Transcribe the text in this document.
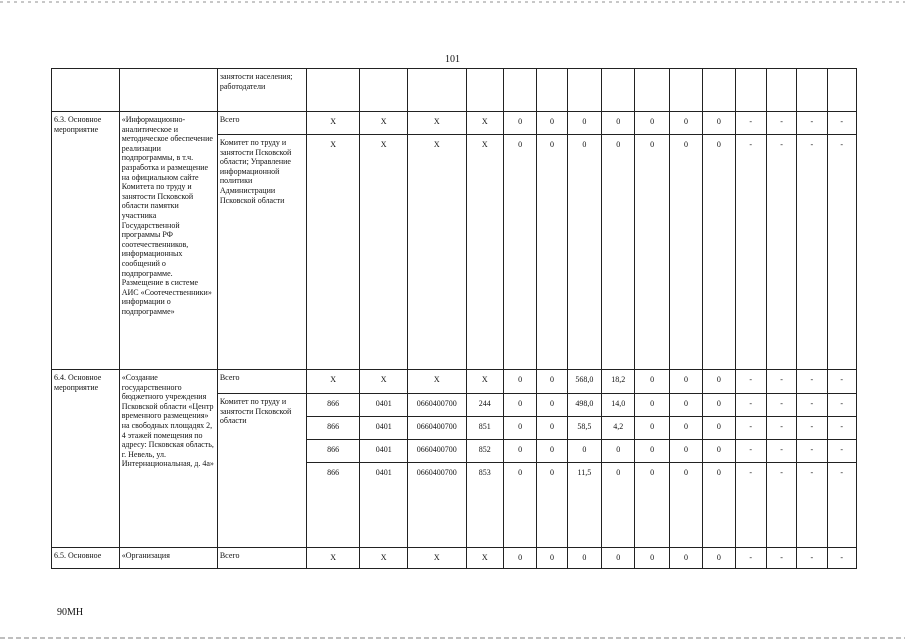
101
		занятости населения; работодатели															
6.3. Основное мероприятие	«Информационно-аналитическое и методическое обеспечение реализации подпрограммы, в т.ч. разработка и размещение на официальном сайте Комитета по труду и занятости Псковской области памятки участника Государственной программы РФ соотечественников, информационных сообщений о подпрограмме. Размещение в системе АИС «Соотечественники» информации о подпрограмме»	Всего	X	X	X	X	0	0	0	0	0	0	0	-	-	-	-
		Комитет по труду и занятости Псковской области; Управление информационной политики Администрации Псковской области	X	X	X	X	0	0	0	0	0	0	0	-	-	-	-
6.4. Основное мероприятие	«Создание государственного бюджетного учреждения Псковской области «Центр временного размещения» на свободных площадях 2, 4 этажей помещения по адресу: Псковская область, г. Невель, ул. Интернациональная, д. 4а»	Всего	X	X	X	X	0	0	568,0	18,2	0	0	0	-	-	-	-
		Комитет по труду и занятости Псковской области	866	0401	0660400700	244	0	0	498,0	14,0	0	0	0	-	-	-	-
			866	0401	0660400700	851	0	0	58,5	4,2	0	0	0	-	-	-	-
			866	0401	0660400700	852	0	0	0	0	0	0	0	-	-	-	-
			866	0401	0660400700	853	0	0	11,5	0	0	0	0	-	-	-	-
6.5. Основное	«Организация	Всего	X	X	X	X	0	0	0	0	0	0	0	-	-	-	-
90МН
